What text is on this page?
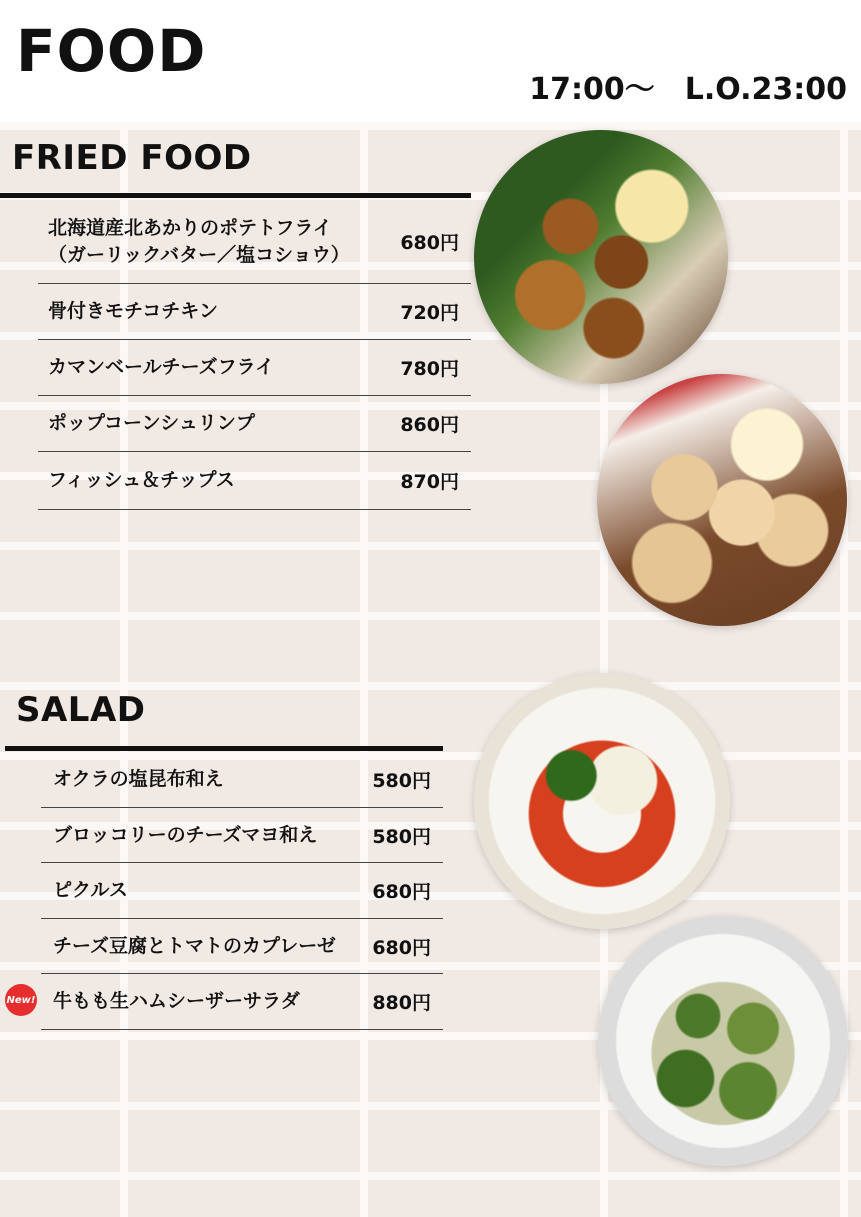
FOOD
17:00～　L.O.23:00
FRIED FOOD
北海道産北あかりのポテトフライ
（ガーリックバター／塩コショウ）
680円
骨付きモチコチキン	720円
カマンベールチーズフライ	780円
ポップコーンシュリンプ	860円
フィッシュ＆チップス	870円
SALAD
オクラの塩昆布和え	580円
ブロッコリーのチーズマヨ和え	580円
ピクルス	680円
チーズ豆腐とトマトのカプレーゼ 680円
牛もも生ハムシーザーサラダ	880円
New!
